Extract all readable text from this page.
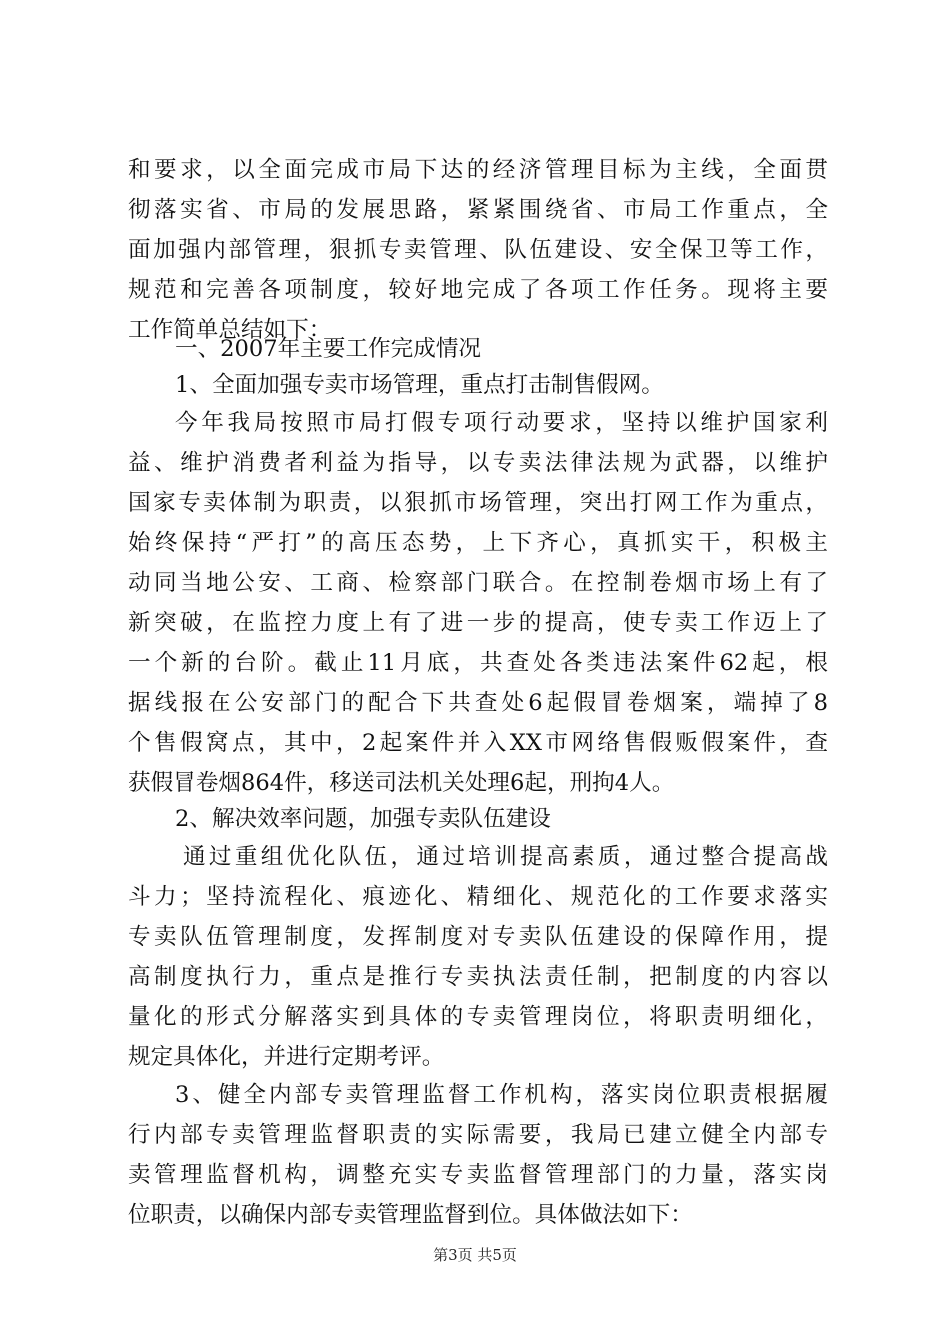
和要求，以全面完成市局下达的经济管理目标为主线，全面贯
彻落实省、市局的发展思路，紧紧围绕省、市局工作重点，全
面加强内部管理，狠抓专卖管理、队伍建设、安全保卫等工作，
规范和完善各项制度，较好地完成了各项工作任务。现将主要
工作简单总结如下：
一、2007年主要工作完成情况
1、全面加强专卖市场管理，重点打击制售假网。
今年我局按照市局打假专项行动要求，坚持以维护国家利
益、维护消费者利益为指导，以专卖法律法规为武器，以维护
国家专卖体制为职责，以狠抓市场管理，突出打网工作为重点，
始终保持“严打”的高压态势，上下齐心，真抓实干，积极主
动同当地公安、工商、检察部门联合。在控制卷烟市场上有了
新突破，在监控力度上有了进一步的提高，使专卖工作迈上了
一个新的台阶。截止11月底，共查处各类违法案件62起，根
据线报在公安部门的配合下共查处6起假冒卷烟案，端掉了8
个售假窝点，其中，2起案件并入XX市网络售假贩假案件，查
获假冒卷烟864件，移送司法机关处理6起，刑拘4人。
2、解决效率问题，加强专卖队伍建设
通过重组优化队伍，通过培训提高素质，通过整合提高战
斗力；坚持流程化、痕迹化、精细化、规范化的工作要求落实
专卖队伍管理制度，发挥制度对专卖队伍建设的保障作用，提
高制度执行力，重点是推行专卖执法责任制，把制度的内容以
量化的形式分解落实到具体的专卖管理岗位，将职责明细化，
规定具体化，并进行定期考评。
3、健全内部专卖管理监督工作机构，落实岗位职责根据履
行内部专卖管理监督职责的实际需要，我局已建立健全内部专
卖管理监督机构，调整充实专卖监督管理部门的力量，落实岗
位职责，以确保内部专卖管理监督到位。具体做法如下：
第3页 共5页
